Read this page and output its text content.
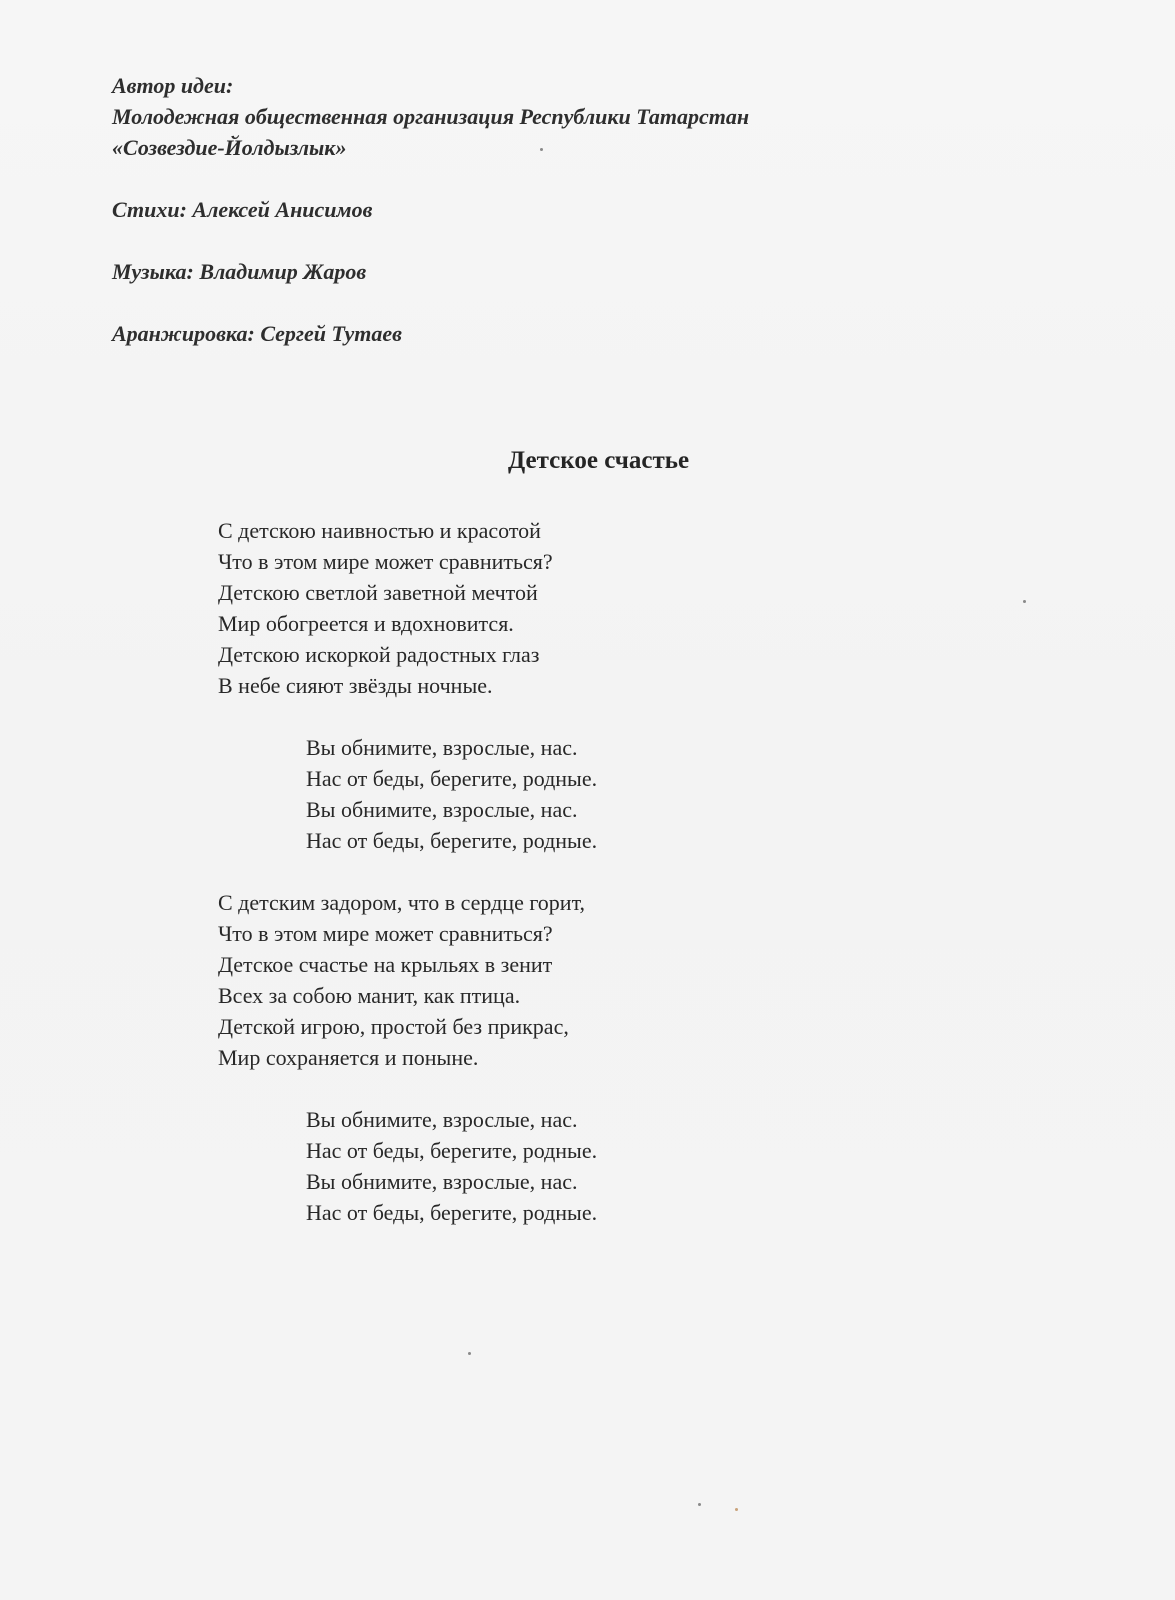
Автор идеи:
Молодежная общественная организация Республики Татарстан
«Созвездие-Йолдызлык»
Стихи: Алексей Анисимов
Музыка: Владимир Жаров
Аранжировка: Сергей Тутаев
Детское счастье
С детскою наивностью и красотой
Что в этом мире может сравниться?
Детскою светлой заветной мечтой
Мир обогреется и вдохновится.
Детскою искоркой радостных глаз
В небе сияют звёзды ночные.
Вы обнимите, взрослые, нас.
Нас от беды, берегите, родные.
Вы обнимите, взрослые, нас.
Нас от беды, берегите, родные.
С детским задором, что в сердце горит,
Что в этом мире может сравниться?
Детское счастье на крыльях в зенит
Всех за собою манит, как птица.
Детской игрою, простой без прикрас,
Мир сохраняется и поныне.
Вы обнимите, взрослые, нас.
Нас от беды, берегите, родные.
Вы обнимите, взрослые, нас.
Нас от беды, берегите, родные.
